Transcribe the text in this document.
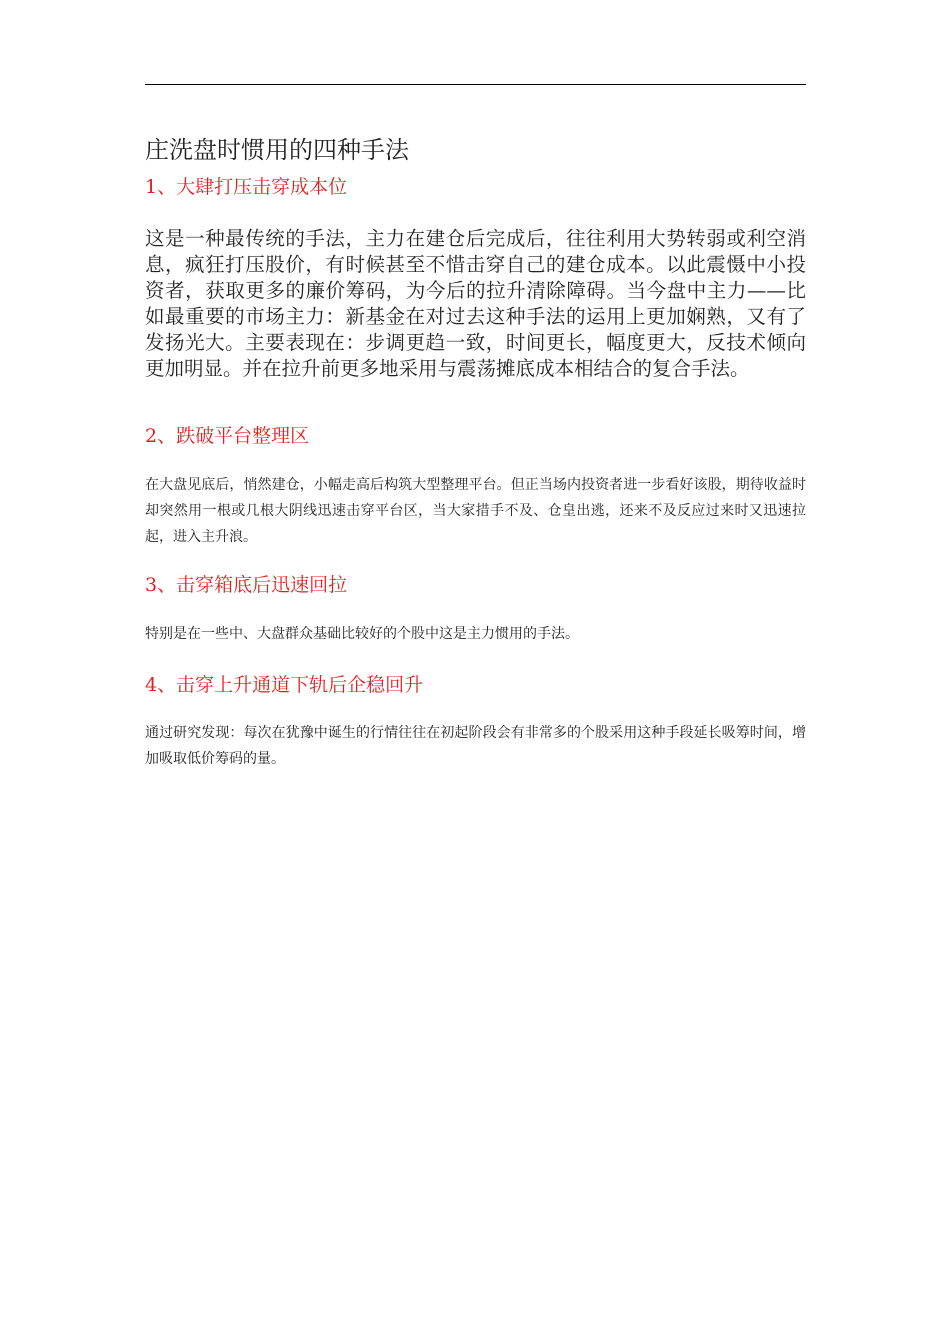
庄洗盘时惯用的四种手法
1、大肆打压击穿成本位
这是一种最传统的手法，主力在建仓后完成后，往往利用大势转弱或利空消息，疯狂打压股价，有时候甚至不惜击穿自己的建仓成本。以此震慑中小投资者，获取更多的廉价筹码，为今后的拉升清除障碍。当今盘中主力——比如最重要的市场主力：新基金在对过去这种手法的运用上更加娴熟，又有了发扬光大。主要表现在：步调更趋一致，时间更长，幅度更大，反技术倾向更加明显。并在拉升前更多地采用与震荡摊底成本相结合的复合手法。
2、跌破平台整理区
在大盘见底后，悄然建仓，小幅走高后构筑大型整理平台。但正当场内投资者进一步看好该股，期待收益时却突然用一根或几根大阴线迅速击穿平台区，当大家措手不及、仓皇出逃，还来不及反应过来时又迅速拉起，进入主升浪。
3、击穿箱底后迅速回拉
特别是在一些中、大盘群众基础比较好的个股中这是主力惯用的手法。
4、击穿上升通道下轨后企稳回升
通过研究发现：每次在犹豫中诞生的行情往往在初起阶段会有非常多的个股采用这种手段延长吸筹时间，增加吸取低价筹码的量。
